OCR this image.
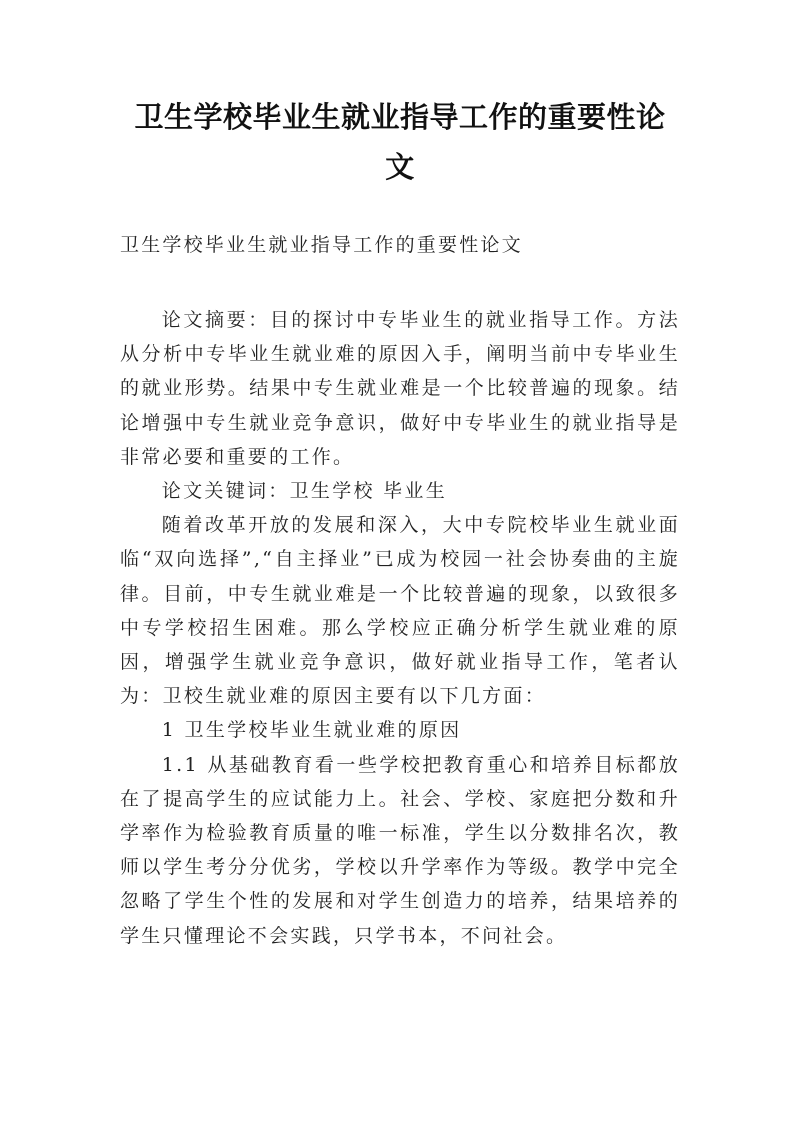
卫生学校毕业生就业指导工作的重要性论文

卫生学校毕业生就业指导工作的重要性论文

论文摘要：目的探讨中专毕业生的就业指导工作。方法从分析中专毕业生就业难的原因入手，阐明当前中专毕业生的就业形势。结果中专生就业难是一个比较普遍的现象。结论增强中专生就业竞争意识，做好中专毕业生的就业指导是非常必要和重要的工作。

论文关键词：卫生学校 毕业生

随着改革开放的发展和深入，大中专院校毕业生就业面临“双向选择”,“自主择业”已成为校园一社会协奏曲的主旋律。目前，中专生就业难是一个比较普遍的现象，以致很多中专学校招生困难。那么学校应正确分析学生就业难的原因，增强学生就业竞争意识，做好就业指导工作，笔者认为：卫校生就业难的原因主要有以下几方面：

1 卫生学校毕业生就业难的原因

1.1 从基础教育看一些学校把教育重心和培养目标都放在了提高学生的应试能力上。社会、学校、家庭把分数和升学率作为检验教育质量的唯一标准，学生以分数排名次，教师以学生考分分优劣，学校以升学率作为等级。教学中完全忽略了学生个性的发展和对学生创造力的培养，结果培养的学生只懂理论不会实践，只学书本，不问社会。
